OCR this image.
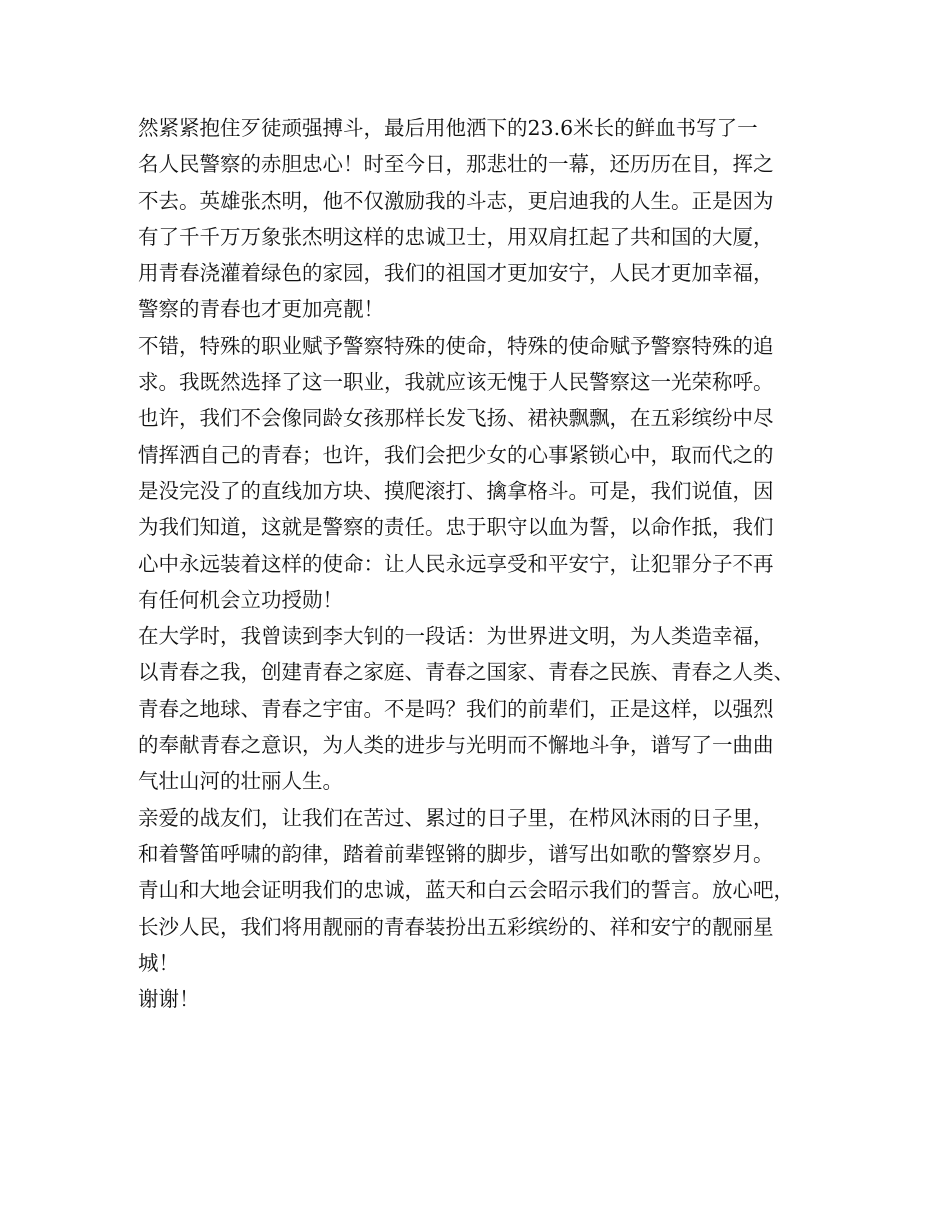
然紧紧抱住歹徒顽强搏斗，最后用他洒下的23.6米长的鲜血书写了一
名人民警察的赤胆忠心！时至今日，那悲壮的一幕，还历历在目，挥之
不去。英雄张杰明，他不仅激励我的斗志，更启迪我的人生。正是因为
有了千千万万象张杰明这样的忠诚卫士，用双肩扛起了共和国的大厦，
用青春浇灌着绿色的家园，我们的祖国才更加安宁，人民才更加幸福，
警察的青春也才更加亮靓！
不错，特殊的职业赋予警察特殊的使命，特殊的使命赋予警察特殊的追
求。我既然选择了这一职业，我就应该无愧于人民警察这一光荣称呼。
也许，我们不会像同龄女孩那样长发飞扬、裙袂飘飘，在五彩缤纷中尽
情挥洒自己的青春；也许，我们会把少女的心事紧锁心中，取而代之的
是没完没了的直线加方块、摸爬滚打、擒拿格斗。可是，我们说值，因
为我们知道，这就是警察的责任。忠于职守以血为誓，以命作抵，我们
心中永远装着这样的使命：让人民永远享受和平安宁，让犯罪分子不再
有任何机会立功授勋！
在大学时，我曾读到李大钊的一段话：为世界进文明，为人类造幸福，
以青春之我，创建青春之家庭、青春之国家、青春之民族、青春之人类、
青春之地球、青春之宇宙。不是吗？我们的前辈们，正是这样，以强烈
的奉献青春之意识，为人类的进步与光明而不懈地斗争，谱写了一曲曲
气壮山河的壮丽人生。
亲爱的战友们，让我们在苦过、累过的日子里，在栉风沐雨的日子里，
和着警笛呼啸的韵律，踏着前辈铿锵的脚步，谱写出如歌的警察岁月。
青山和大地会证明我们的忠诚，蓝天和白云会昭示我们的誓言。放心吧，
长沙人民，我们将用靓丽的青春装扮出五彩缤纷的、祥和安宁的靓丽星
城！
谢谢！
